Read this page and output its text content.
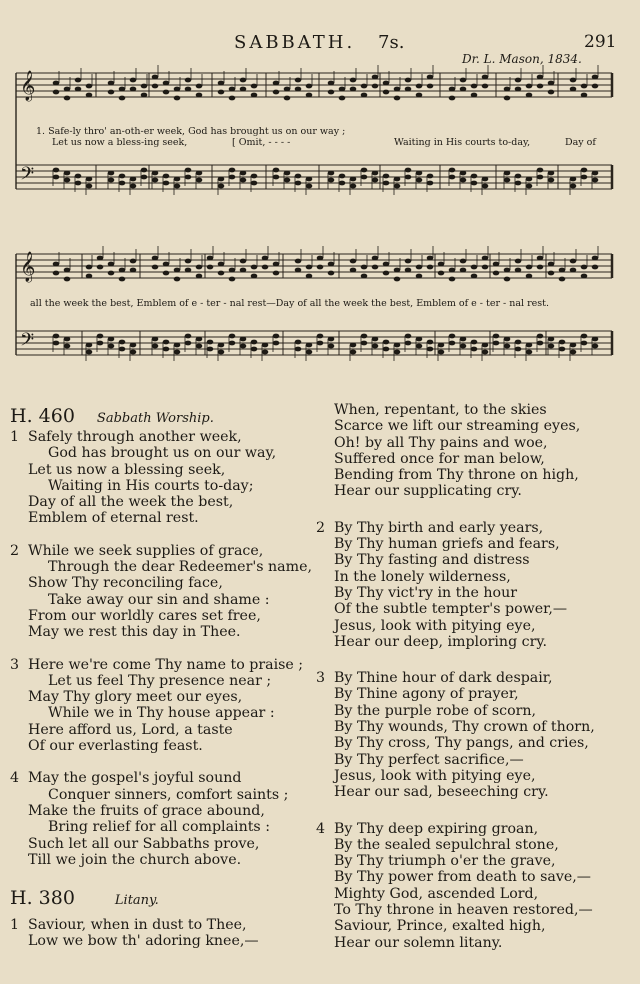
SABBATH. 7s.	291
Dr. L. Mason, 1834.
𝄞
𝄢
𝄞
𝄢
1. Safe-ly thro' an-oth-er week, God has brought us on our way ;
Let us now a bless-ing seek,	[ Omit, - - - -	Waiting in His courts to-day,	Day of
all the week the best, Emblem of e - ter - nal rest—Day of all the week the best, Emblem of e - ter - nal rest.
H. 460 Sabbath Worship.
1 Safely through another week,
God has brought us on our way,
Let us now a blessing seek,
Waiting in His courts to-day;
Day of all the week the best,
Emblem of eternal rest.
2 While we seek supplies of grace,
Through the dear Redeemer's name,
Show Thy reconciling face,
Take away our sin and shame :
From our worldly cares set free,
May we rest this day in Thee.
3 Here we're come Thy name to praise ;
Let us feel Thy presence near ;
May Thy glory meet our eyes,
While we in Thy house appear :
Here afford us, Lord, a taste
Of our everlasting feast.
4 May the gospel's joyful sound
Conquer sinners, comfort saints ;
Make the fruits of grace abound,
Bring relief for all complaints :
Such let all our Sabbaths prove,
Till we join the church above.
H. 380	Litany.
1 Saviour, when in dust to Thee,
Low we bow th' adoring knee,—
When, repentant, to the skies
Scarce we lift our streaming eyes,
Oh! by all Thy pains and woe,
Suffered once for man below,
Bending from Thy throne on high,
Hear our supplicating cry.
2 By Thy birth and early years,
By Thy human griefs and fears,
By Thy fasting and distress
In the lonely wilderness,
By Thy vict'ry in the hour
Of the subtle tempter's power,—
Jesus, look with pitying eye,
Hear our deep, imploring cry.
3 By Thine hour of dark despair,
By Thine agony of prayer,
By the purple robe of scorn,
By Thy wounds, Thy crown of thorn,
By Thy cross, Thy pangs, and cries,
By Thy perfect sacrifice,—
Jesus, look with pitying eye,
Hear our sad, beseeching cry.
4 By Thy deep expiring groan,
By the sealed sepulchral stone,
By Thy triumph o'er the grave,
By Thy power from death to save,—
Mighty God, ascended Lord,
To Thy throne in heaven restored,—
Saviour, Prince, exalted high,
Hear our solemn litany.
